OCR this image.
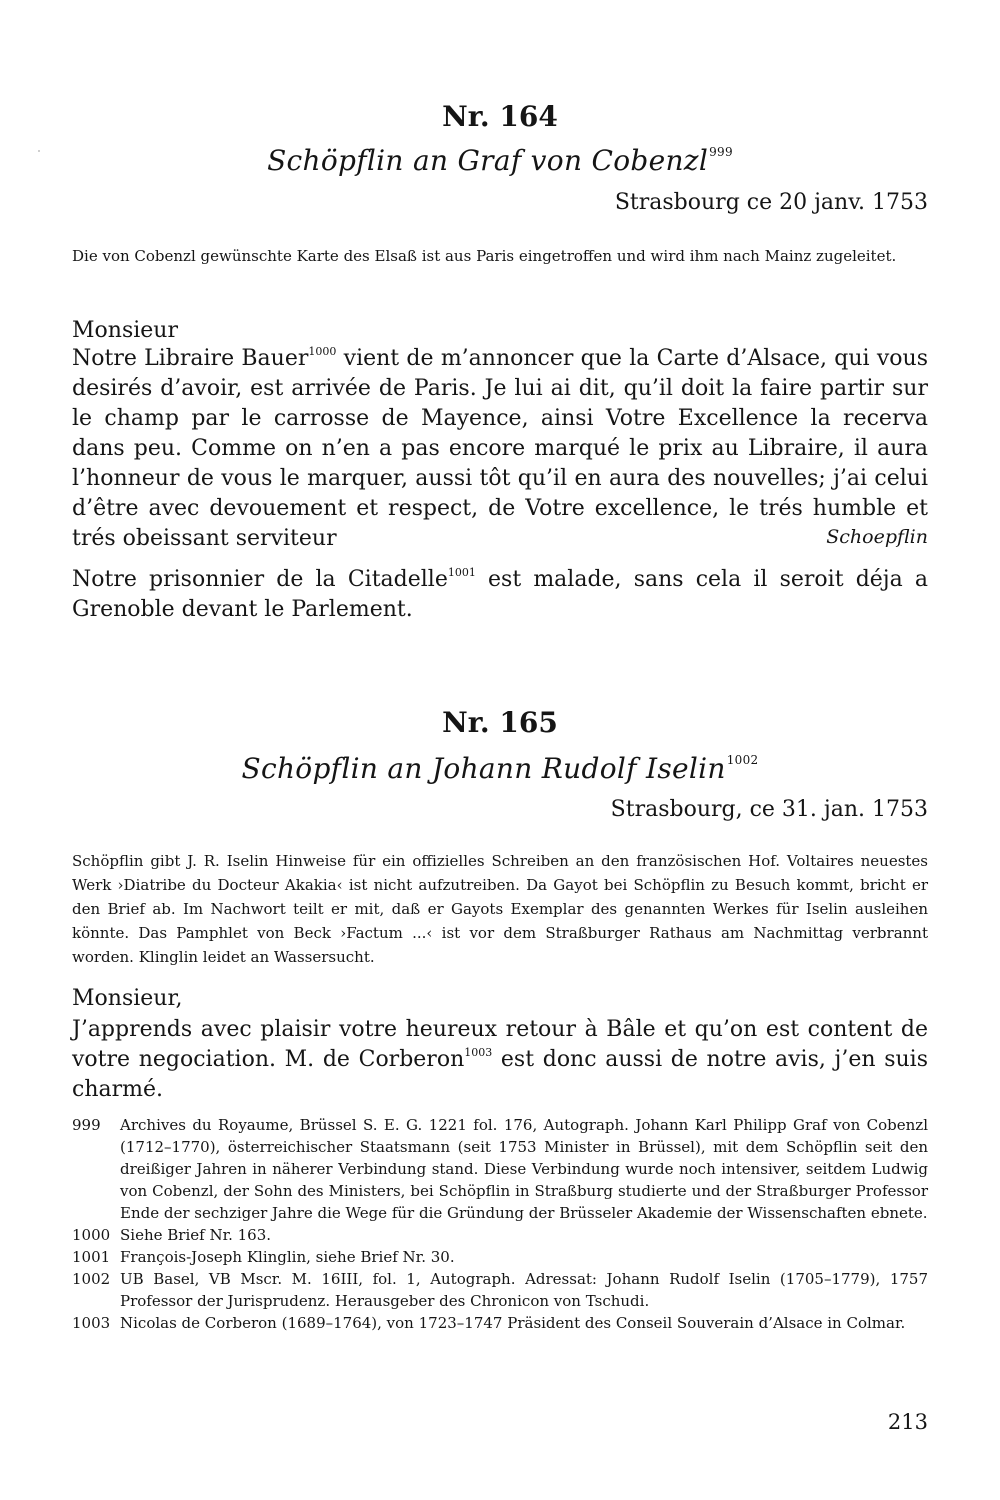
Nr. 164
Schöpflin an Graf von Cobenzl$^{999}$
Strasbourg ce 20 janv. 1753
Die von Cobenzl gewünschte Karte des Elsaß ist aus Paris eingetroffen und wird ihm nach Mainz zugeleitet.
Monsieur
Notre Libraire Bauer$^{1000}$ vient de m’annoncer que la Carte d’Alsace, qui vous desirés d’avoir, est arrivée de Paris. Je lui ai dit, qu’il doit la faire partir sur le champ par le carrosse de Mayence, ainsi Votre Excellence la recerva dans peu. Comme on n’en a pas encore marqué le prix au Libraire, il aura l’honneur de vous le marquer, aussi tôt qu’il en aura des nouvelles; j’ai celui d’être avec devouement et respect, de Votre excellence, le trés humble et trés obeissant serviteur	Schoepflin
Notre prisonnier de la Citadelle$^{1001}$ est malade, sans cela il seroit déja a Grenoble devant le Parlement.
Nr. 165
Schöpflin an Johann Rudolf Iselin$^{1002}$
Strasbourg, ce 31. jan. 1753
Schöpflin gibt J. R. Iselin Hinweise für ein offizielles Schreiben an den französischen Hof. Voltaires neuestes Werk ›Diatribe du Docteur Akakia‹ ist nicht aufzutreiben. Da Gayot bei Schöpflin zu Besuch kommt, bricht er den Brief ab. Im Nachwort teilt er mit, daß er Gayots Exemplar des genannten Werkes für Iselin ausleihen könnte. Das Pamphlet von Beck ›Factum ...‹ ist vor dem Straßburger Rathaus am Nachmittag verbrannt worden. Klinglin leidet an Wassersucht.
Monsieur,
J’apprends avec plaisir votre heureux retour à Bâle et qu’on est content de votre negociation. M. de Corberon$^{1003}$ est donc aussi de notre avis, j’en suis charmé.
999	Archives du Royaume, Brüssel S. E. G. 1221 fol. 176, Autograph. Johann Karl Philipp Graf von Cobenzl (1712–1770), österreichischer Staatsmann (seit 1753 Minister in Brüssel), mit dem Schöpflin seit den dreißiger Jahren in näherer Verbindung stand. Diese Verbindung wurde noch intensiver, seitdem Ludwig von Cobenzl, der Sohn des Ministers, bei Schöpflin in Straßburg studierte und der Straßburger Professor Ende der sechziger Jahre die Wege für die Gründung der Brüsseler Akademie der Wissenschaften ebnete.
1000 Siehe Brief Nr. 163.
1001 François-Joseph Klinglin, siehe Brief Nr. 30.
1002 UB Basel, VB Mscr. M. 16III, fol. 1, Autograph. Adressat: Johann Rudolf Iselin (1705–1779), 1757 Professor der Jurisprudenz. Herausgeber des Chronicon von Tschudi.
1003 Nicolas de Corberon (1689–1764), von 1723–1747 Präsident des Conseil Souverain d’Alsace in Colmar.
213
